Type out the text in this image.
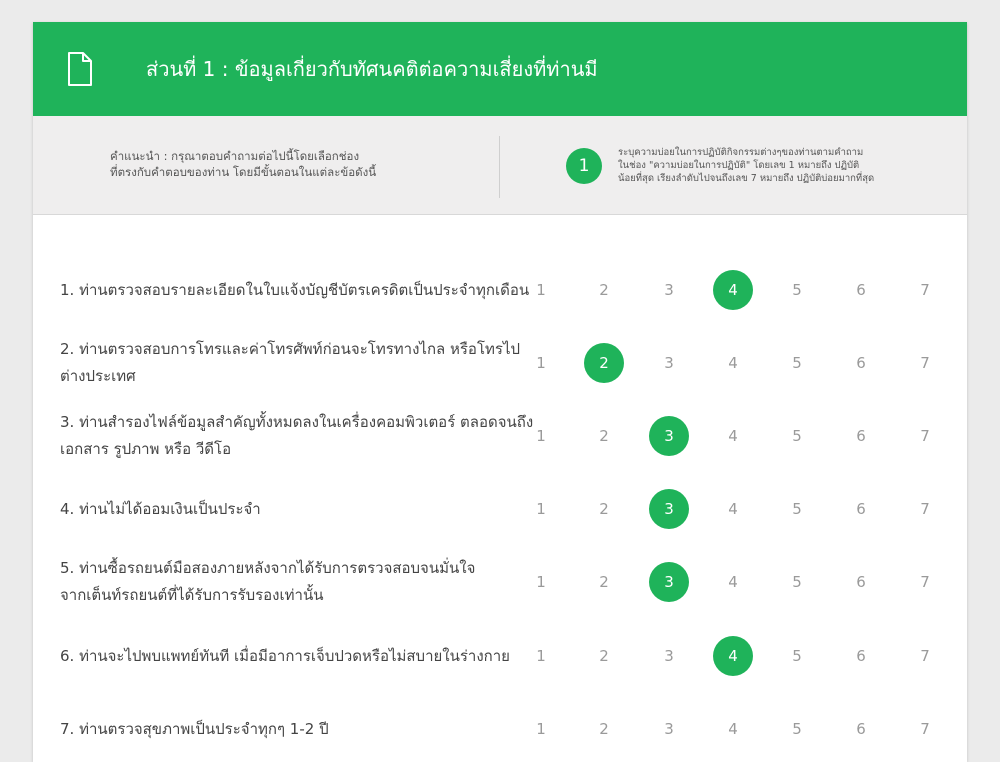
ส่วนที่ 1 : ข้อมูลเกี่ยวกับทัศนคติต่อความเสี่ยงที่ท่านมี
คำแนะนำ : กรุณาตอบคำถามต่อไปนี้โดยเลือกช่อง
ที่ตรงกับคำตอบของท่าน โดยมีขั้นตอนในแต่ละข้อดังนี้	1
ระบุความบ่อยในการปฏิบัติกิจกรรมต่างๆของท่านตามคำถาม
ในช่อง "ความบ่อยในการปฏิบัติ" โดยเลข 1 หมายถึง ปฏิบัติ
น้อยที่สุด เรียงลำดับไปจนถึงเลข 7 หมายถึง ปฏิบัติบ่อยมากที่สุด
1. ท่านตรวจสอบรายละเอียดในใบแจ้งบัญชีบัตรเครดิตเป็นประจำทุกเดือน 1	2	3	4	5	6	7
2. ท่านตรวจสอบการโทรและค่าโทรศัพท์ก่อนจะโทรทางไกล หรือโทรไป
ต่างประเทศ
1	2	3	4	5	6	7
3. ท่านสำรองไฟล์ข้อมูลสำคัญทั้งหมดลงในเครื่องคอมพิวเตอร์ ตลอดจนถึง
เอกสาร รูปภาพ หรือ วีดีโอ
1	2	3	4	5	6	7
4. ท่านไม่ได้ออมเงินเป็นประจำ	1	2	3	4	5	6	7
5. ท่านซื้อรถยนต์มือสองภายหลังจากได้รับการตรวจสอบจนมั่นใจ
จากเต็นท์รถยนต์ที่ได้รับการรับรองเท่านั้น
1	2	3	4	5	6	7
6. ท่านจะไปพบแพทย์ทันที เมื่อมีอาการเจ็บปวดหรือไม่สบายในร่างกาย	1	2	3	4	5	6	7
7. ท่านตรวจสุขภาพเป็นประจำทุกๆ 1-2 ปี	1	2	3	4	5	6	7
